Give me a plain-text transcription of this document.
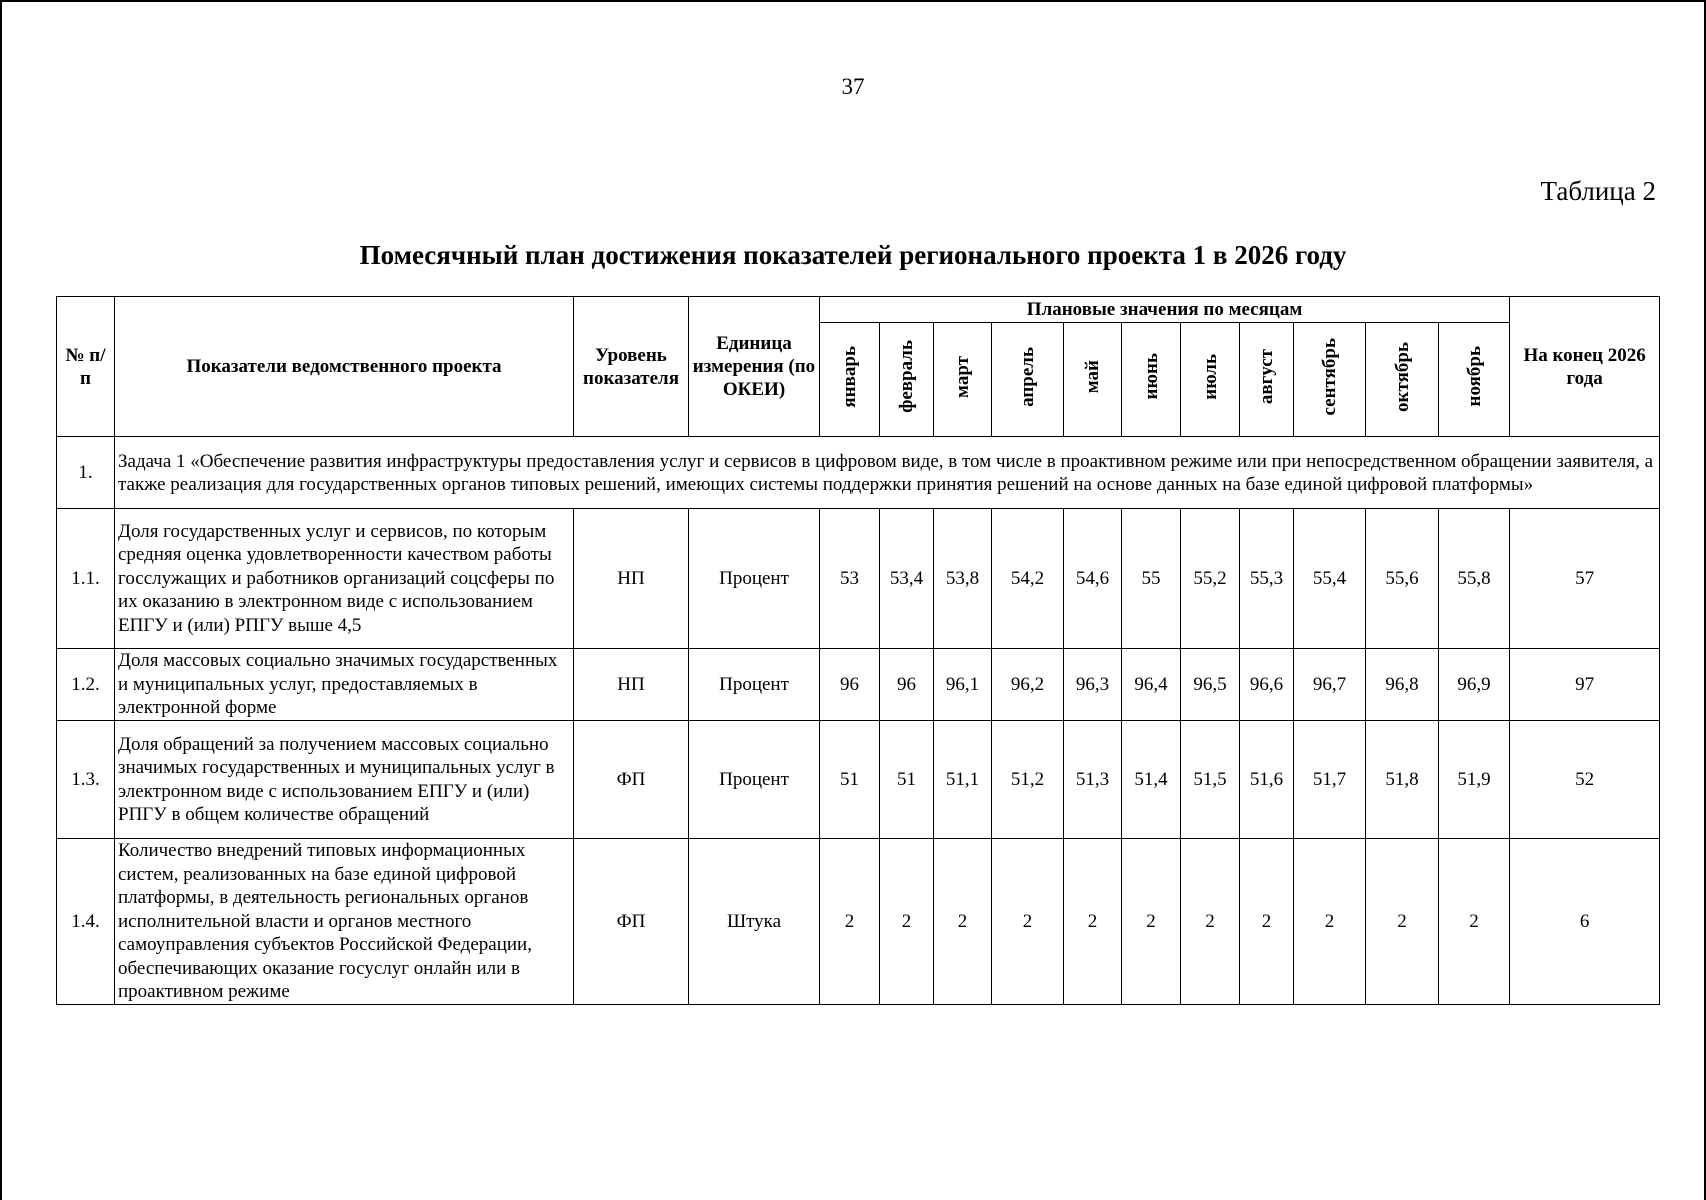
37
Таблица 2
Помесячный план достижения показателей регионального проекта 1 в 2026 году
№ п/п	Показатели ведомственного проекта	Уровень показателя	Единица измерения (по ОКЕИ)	Плановые значения по месяцам											На конец 2026 года
				январь	февраль	март	апрель	май	июнь	июль	август	сентябрь	октябрь	ноябрь	
1.	Задача 1 «Обеспечение развития инфраструктуры предоставления услуг и сервисов в цифровом виде, в том числе в проактивном режиме или при непосредственном обращении заявителя, а также реализация для государственных органов типовых решений, имеющих системы поддержки принятия решений на основе данных на базе единой цифровой платформы»														
1.1.	Доля государственных услуг и сервисов, по которым средняя оценка удовлетворенности качеством работы госслужащих и работников организаций соцсферы по их оказанию в электронном виде с использованием ЕПГУ и (или) РПГУ выше 4,5	НП	Процент	53	53,4	53,8	54,2	54,6	55	55,2	55,3	55,4	55,6	55,8	57
1.2.	Доля массовых социально значимых государственных и муниципальных услуг, предоставляемых в электронной форме	НП	Процент	96	96	96,1	96,2	96,3	96,4	96,5	96,6	96,7	96,8	96,9	97
1.3.	Доля обращений за получением массовых социально значимых государственных и муниципальных услуг в электронном виде с использованием ЕПГУ и (или) РПГУ в общем количестве обращений	ФП	Процент	51	51	51,1	51,2	51,3	51,4	51,5	51,6	51,7	51,8	51,9	52
1.4.	Количество внедрений типовых информационных систем, реализованных на базе единой цифровой платформы, в деятельность региональных органов исполнительной власти и органов местного самоуправления субъектов Российской Федерации, обеспечивающих оказание госуслуг онлайн или в проактивном режиме	ФП	Штука	2	2	2	2	2	2	2	2	2	2	2	6
